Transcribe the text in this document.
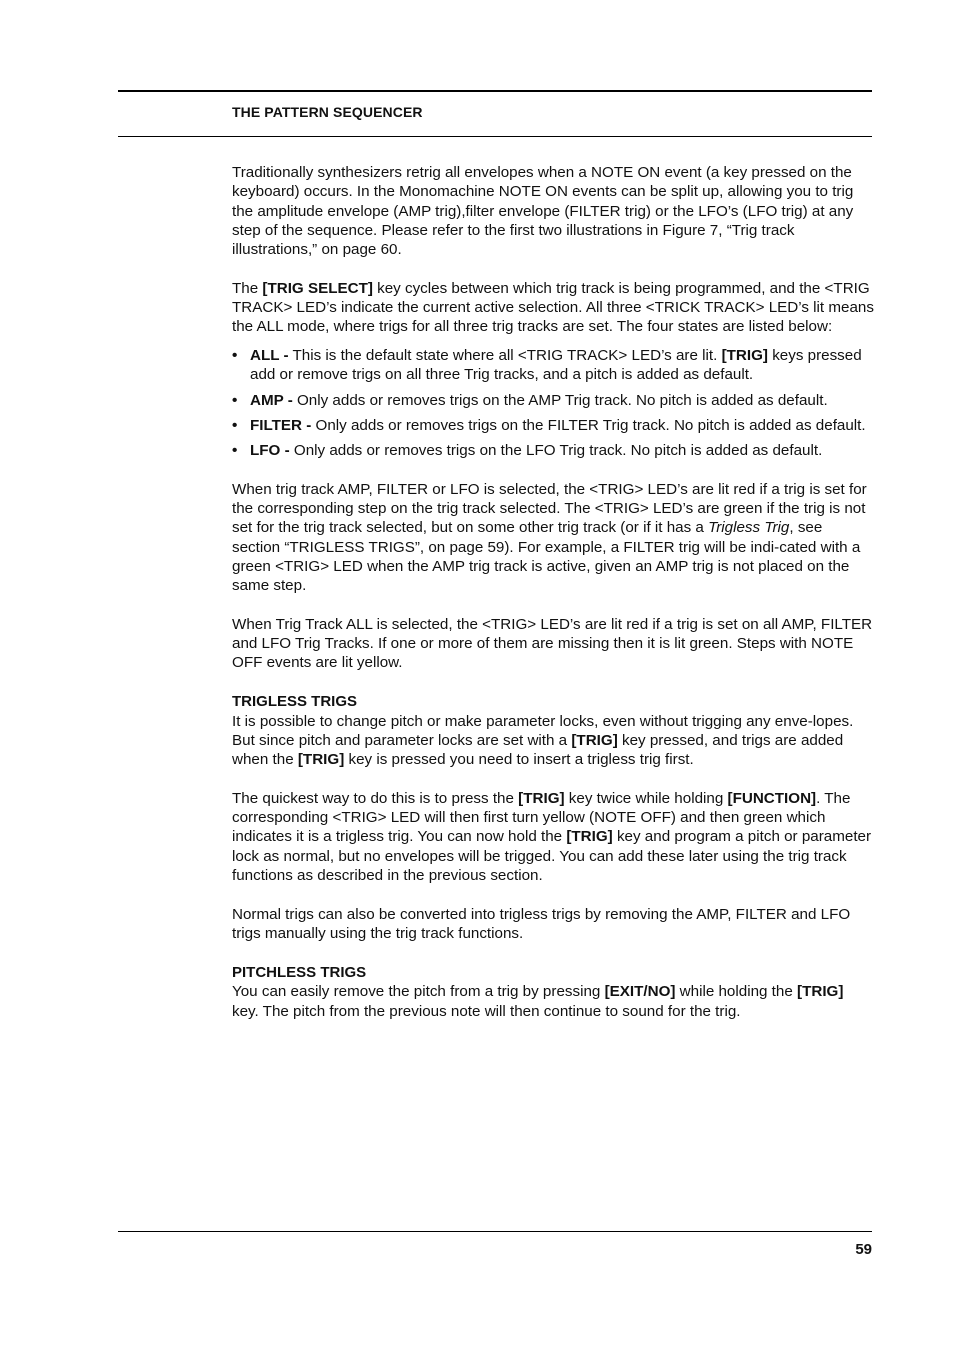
THE PATTERN SEQUENCER

Traditionally synthesizers retrig all envelopes when a NOTE ON event (a key pressed on the keyboard) occurs. In the Monomachine NOTE ON events can be split up, allowing you to trig the amplitude envelope (AMP trig),filter envelope (FILTER trig) or the LFO’s (LFO trig) at any step of the sequence. Please refer to the first two illustrations in Figure 7, “Trig track illustrations,” on page 60.

The [TRIG SELECT] key cycles between which trig track is being programmed, and the <TRIG TRACK> LED’s indicate the current active selection. All three <TRICK TRACK> LED’s lit means the ALL mode, where trigs for all three trig tracks are set. The four states are listed below:

• ALL - This is the default state where all <TRIG TRACK> LED’s are lit. [TRIG] keys pressed add or remove trigs on all three Trig tracks, and a pitch is added as default.
• AMP - Only adds or removes trigs on the AMP Trig track. No pitch is added as default.
• FILTER - Only adds or removes trigs on the FILTER Trig track. No pitch is added as default.
• LFO - Only adds or removes trigs on the LFO Trig track. No pitch is added as default.

When trig track AMP, FILTER or LFO is selected, the <TRIG> LED’s are lit red if a trig is set for the corresponding step on the trig track selected. The <TRIG> LED’s are green if the trig is not set for the trig track selected, but on some other trig track (or if it has a Trigless Trig, see section “TRIGLESS TRIGS”, on page 59). For example, a FILTER trig will be indi-cated with a green <TRIG> LED when the AMP trig track is active, given an AMP trig is not placed on the same step.

When Trig Track ALL is selected, the <TRIG> LED’s are lit red if a trig is set on all AMP, FILTER and LFO Trig Tracks. If one or more of them are missing then it is lit green. Steps with NOTE OFF events are lit yellow.

TRIGLESS TRIGS

It is possible to change pitch or make parameter locks, even without trigging any enve-lopes. But since pitch and parameter locks are set with a [TRIG] key pressed, and trigs are added when the [TRIG] key is pressed you need to insert a trigless trig first.

The quickest way to do this is to press the [TRIG] key twice while holding [FUNCTION]. The corresponding <TRIG> LED will then first turn yellow (NOTE OFF) and then green which indicates it is a trigless trig. You can now hold the [TRIG] key and program a pitch or parameter lock as normal, but no envelopes will be trigged. You can add these later using the trig track functions as described in the previous section.

Normal trigs can also be converted into trigless trigs by removing the AMP, FILTER and LFO trigs manually using the trig track functions.

PITCHLESS TRIGS

You can easily remove the pitch from a trig by pressing [EXIT/NO] while holding the [TRIG] key. The pitch from the previous note will then continue to sound for the trig.

59
